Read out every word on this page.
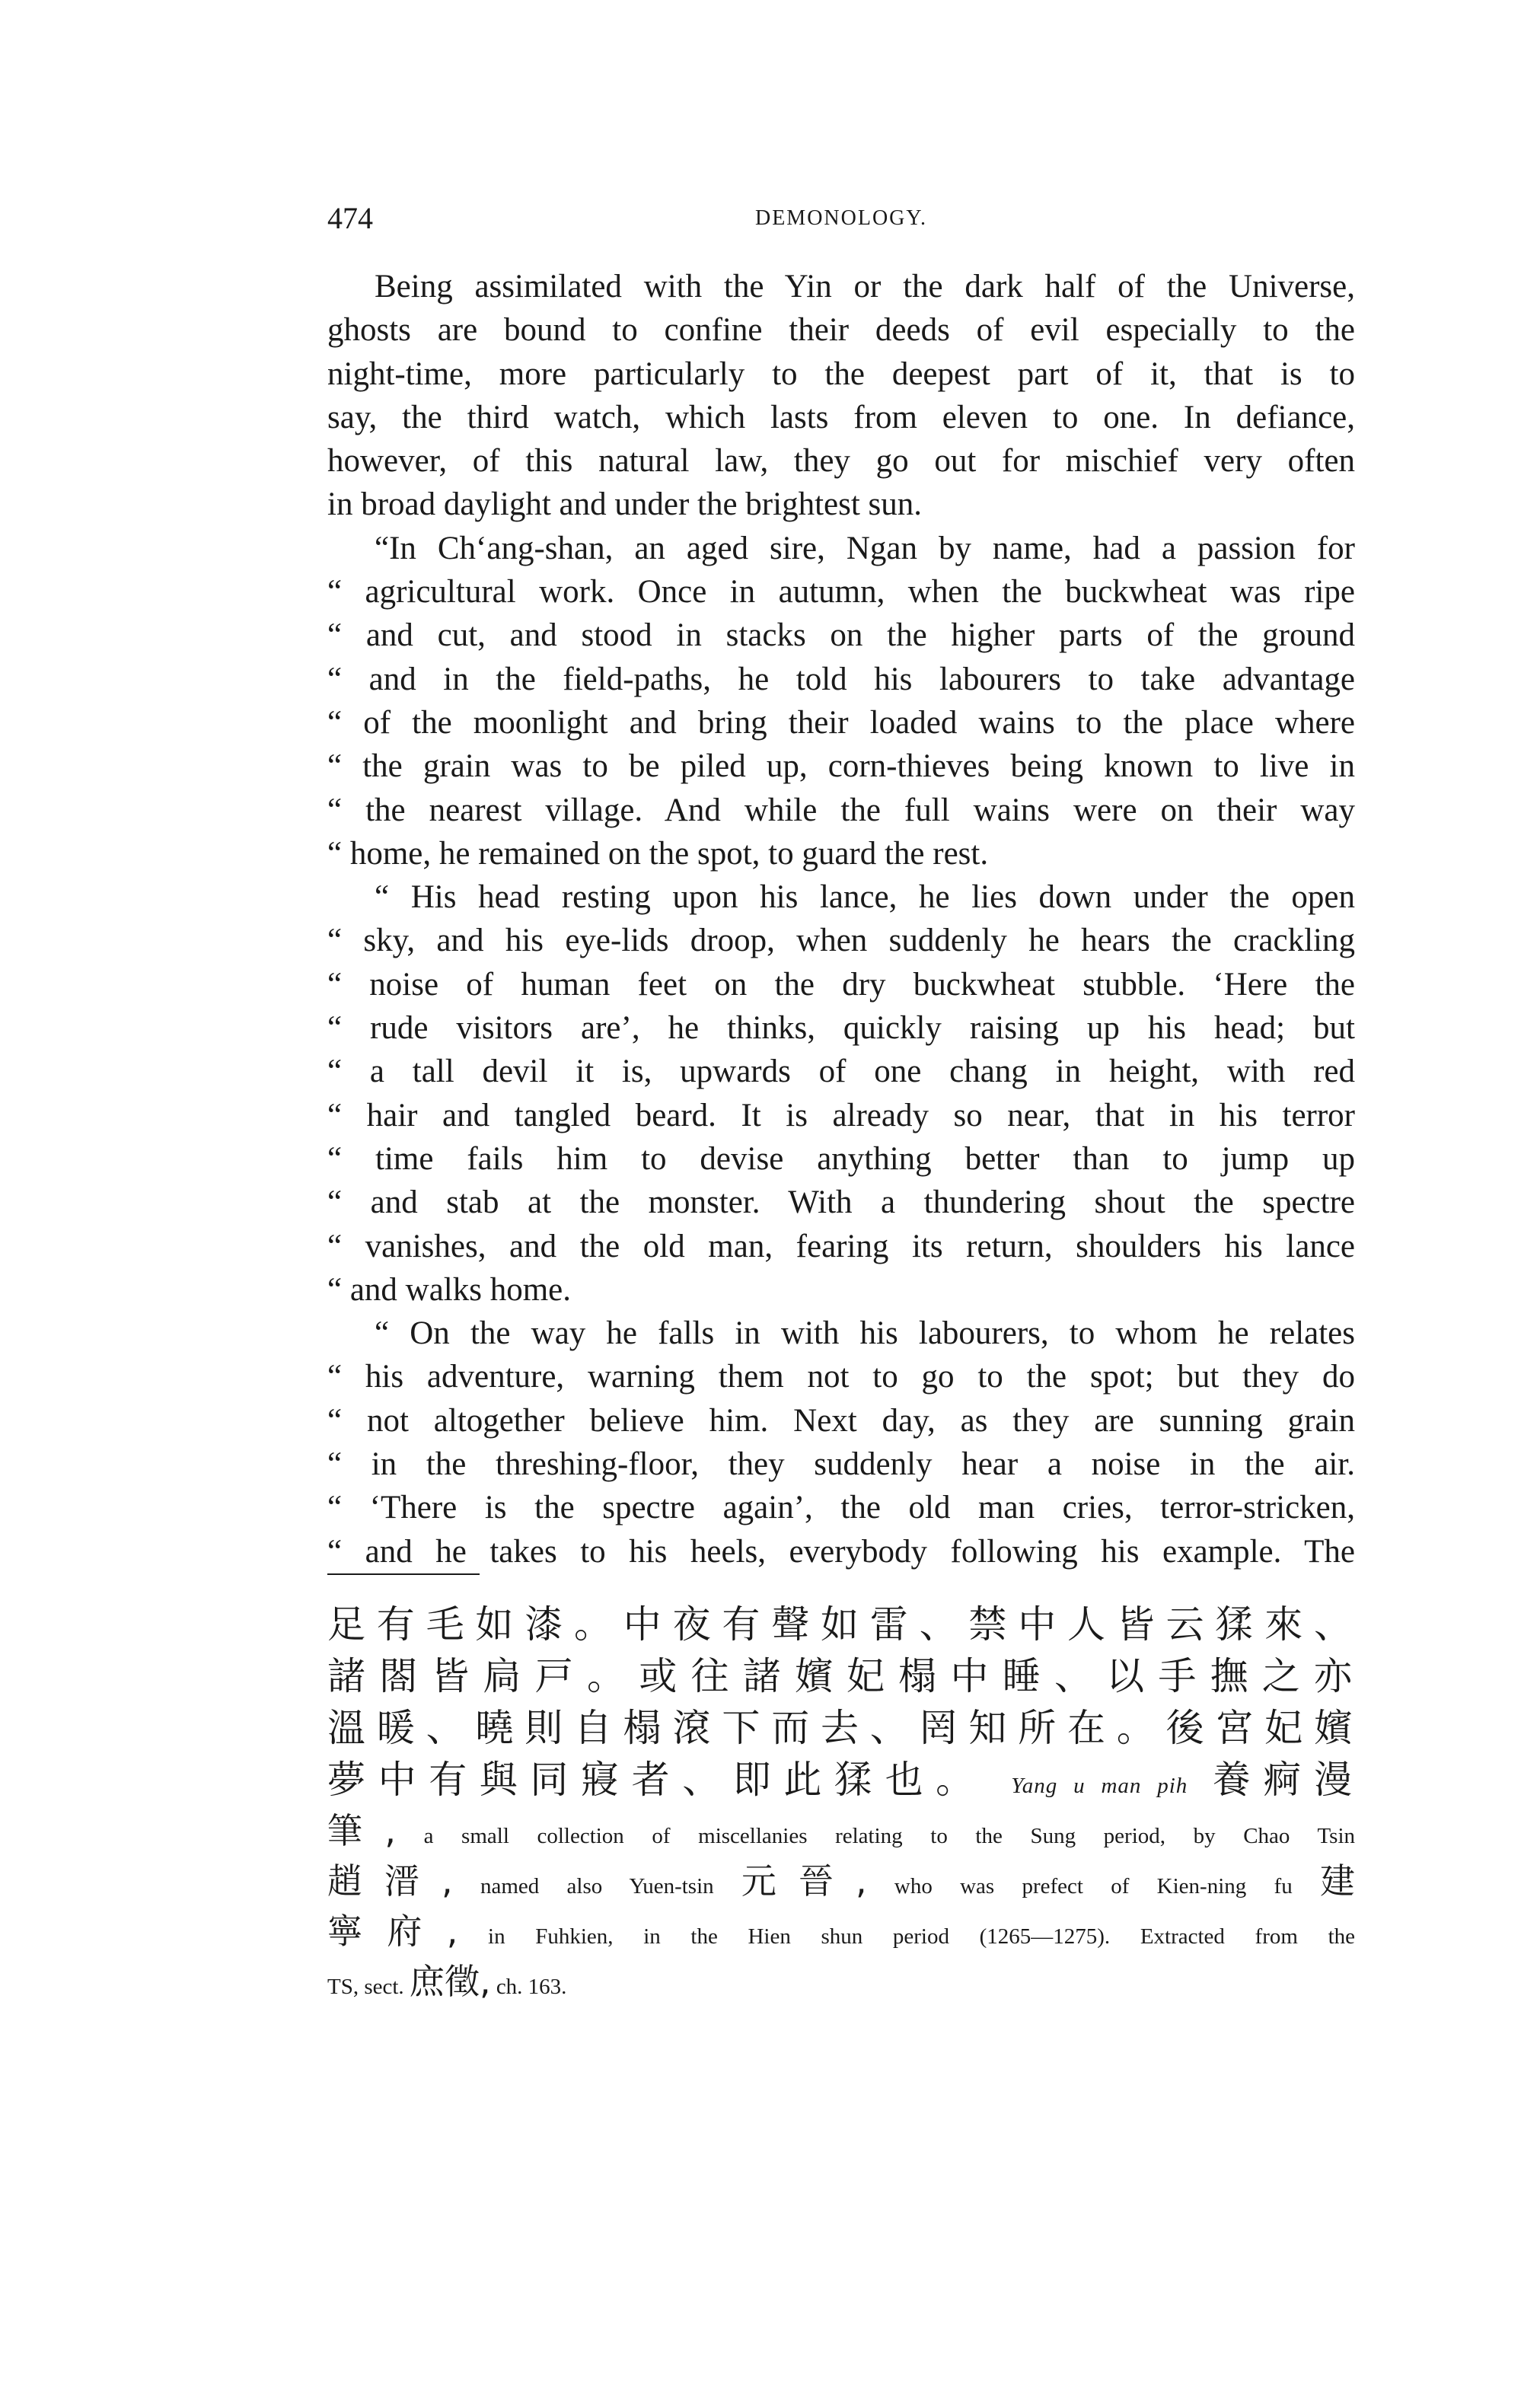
474	DEMONOLOGY.
Being assimilated with the Yin or the dark half of the Universe,
ghosts are bound to confine their deeds of evil especially to the
night-time, more particularly to the deepest part of it, that is to
say, the third watch, which lasts from eleven to one. In defiance,
however, of this natural law, they go out for mischief very often
in broad daylight and under the brightest sun.
“In Ch‘ang-shan, an aged sire, Ngan by name, had a passion for
“ agricultural work. Once in autumn, when the buckwheat was ripe
“ and cut, and stood in stacks on the higher parts of the ground
“ and in the field-paths, he told his labourers to take advantage
“ of the moonlight and bring their loaded wains to the place where
“ the grain was to be piled up, corn-thieves being known to live in
“ the nearest village. And while the full wains were on their way
“ home, he remained on the spot, to guard the rest.
“ His head resting upon his lance, he lies down under the open
“ sky, and his eye-lids droop, when suddenly he hears the crackling
“ noise of human feet on the dry buckwheat stubble. ‘Here the
“ rude visitors are’, he thinks, quickly raising up his head; but
“ a tall devil it is, upwards of one chang in height, with red
“ hair and tangled beard. It is already so near, that in his terror
“ time fails him to devise anything better than to jump up
“ and stab at the monster. With a thundering shout the spectre
“ vanishes, and the old man, fearing its return, shoulders his lance
“ and walks home.
“ On the way he falls in with his labourers, to whom he relates
“ his adventure, warning them not to go to the spot; but they do
“ not altogether believe him. Next day, as they are sunning grain
“ in the threshing-floor, they suddenly hear a noise in the air.
“ ‘There is the spectre again’, the old man cries, terror-stricken,
“ and he takes to his heels, everybody following his example. The
足有毛如漆。中夜有聲如雷、禁中人皆云猱來、
諸閤皆扃戸。或往諸嬪妃榻中睡、以手撫之亦
溫暖、曉則自榻滾下而去、罔知所在。後宮妃嬪
夢中有與同寢者、即此猱也。 Yang u man pih 養痾漫
筆, a small collection of miscellanies relating to the Sung period, by Chao Tsin
趙溍, named also Yuen-tsin 元晉, who was prefect of Kien-ning fu 建
寧府, in Fuhkien, in the Hien shun period (1265—1275). Extracted from the
TS, sect. 庶徵, ch. 163.
